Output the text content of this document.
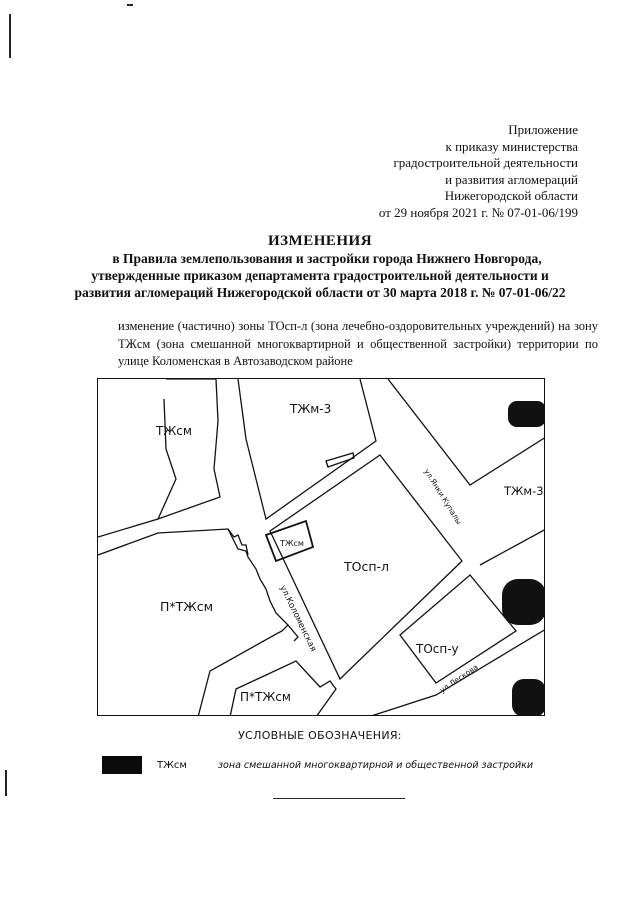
Приложение
к приказу министерства
градостроительной деятельности
и развития агломераций
Нижегородской области
от 29 ноября 2021 г. № 07-01-06/199
ИЗМЕНЕНИЯ
в Правила землепользования и застройки города Нижнего Новгорода,
утвержденные приказом департамента градостроительной деятельности и
развития агломераций Нижегородской области от 30 марта 2018 г. № 07-01-06/22
изменение (частично) зоны ТОсп-л (зона лечебно-оздоровительных учреждений) на зону ТЖсм (зона смешанной многоквартирной и общественной застройки) территории по улице Коломенская в Автозаводском районе
ТЖсм
ТЖм-3
ТЖм-3
ТЖсм
ТОсп-л
П*ТЖсм
ТОсп-у
П*ТЖсм
ул.Коломенская
ул.Янки Купалы
ул.Лескова
УСЛОВНЫЕ ОБОЗНАЧЕНИЯ:
ТЖсм	зона смешанной многоквартирной и общественной застройки
